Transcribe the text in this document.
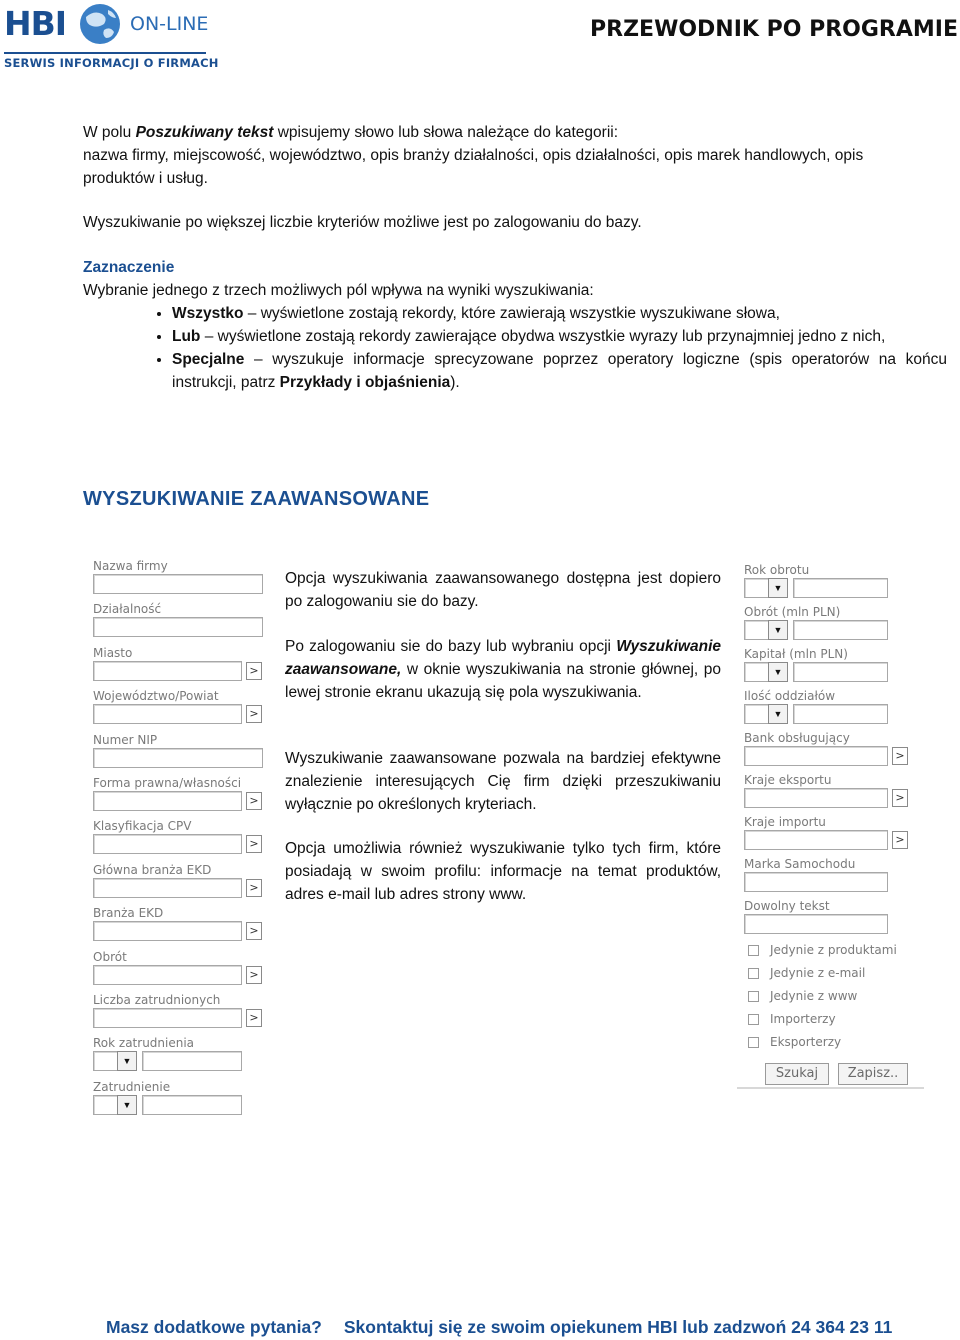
HBI	ON-LINE
SERWIS INFORMACJI O FIRMACH
PRZEWODNIK PO PROGRAMIE
W polu Poszukiwany tekst wpisujemy słowo lub słowa należące do kategorii:
nazwa firmy, miejscowość, województwo, opis branży działalności, opis działalności, opis marek handlowych, opis produktów i usług.
Wyszukiwanie po większej liczbie kryteriów możliwe jest po zalogowaniu do bazy.
Zaznaczenie
Wybranie jednego z trzech możliwych pól wpływa na wyniki wyszukiwania:
• Wszystko – wyświetlone zostają rekordy, które zawierają wszystkie wyszukiwane słowa,
• Lub – wyświetlone zostają rekordy zawierające obydwa wszystkie wyrazy lub przynajmniej jedno z nich,
• Specjalne – wyszukuje informacje sprecyzowane poprzez operatory logiczne (spis operatorów na końcu instrukcji, patrz Przykłady i objaśnienia).
WYSZUKIWANIE ZAAWANSOWANE
Nazwa firmy
Działalność
Miasto
>
Województwo/Powiat
>
Numer NIP
Forma prawna/własności
>
Klasyfikacja CPV
>
Główna branża EKD
>
Branża EKD
>
Obrót
>
Liczba zatrudnionych
>
Rok zatrudnienia
▼
Zatrudnienie
▼
Opcja wyszukiwania zaawansowanego dostępna jest dopiero po zalogowaniu sie do bazy.
Po zalogowaniu sie do bazy lub wybraniu opcji Wyszukiwanie zaawansowane, w oknie wyszukiwania na stronie głównej, po lewej stronie ekranu ukazują się pola wyszukiwania.
Wyszukiwanie zaawansowane pozwala na bardziej efektywne znalezienie interesujących Cię firm dzięki przeszukiwaniu wyłącznie po określonych kryteriach.
Opcja umożliwia również wyszukiwanie tylko tych firm, które posiadają w swoim profilu: informacje na temat produktów, adres e-mail lub adres strony www.
Rok obrotu
▼
Obrót (mln PLN)
▼
Kapitał (mln PLN)
▼
Ilość oddziałów
▼
Bank obsługujący
>
Kraje eksportu
>
Kraje importu
>
Marka Samochodu
Dowolny tekst
Jedynie z produktami
Jedynie z e-mail
Jedynie z www
Importerzy
Eksporterzy
Szukaj	Zapisz..
Masz dodatkowe pytania? Skontaktuj się ze swoim opiekunem HBI lub zadzwoń 24 364 23 11
